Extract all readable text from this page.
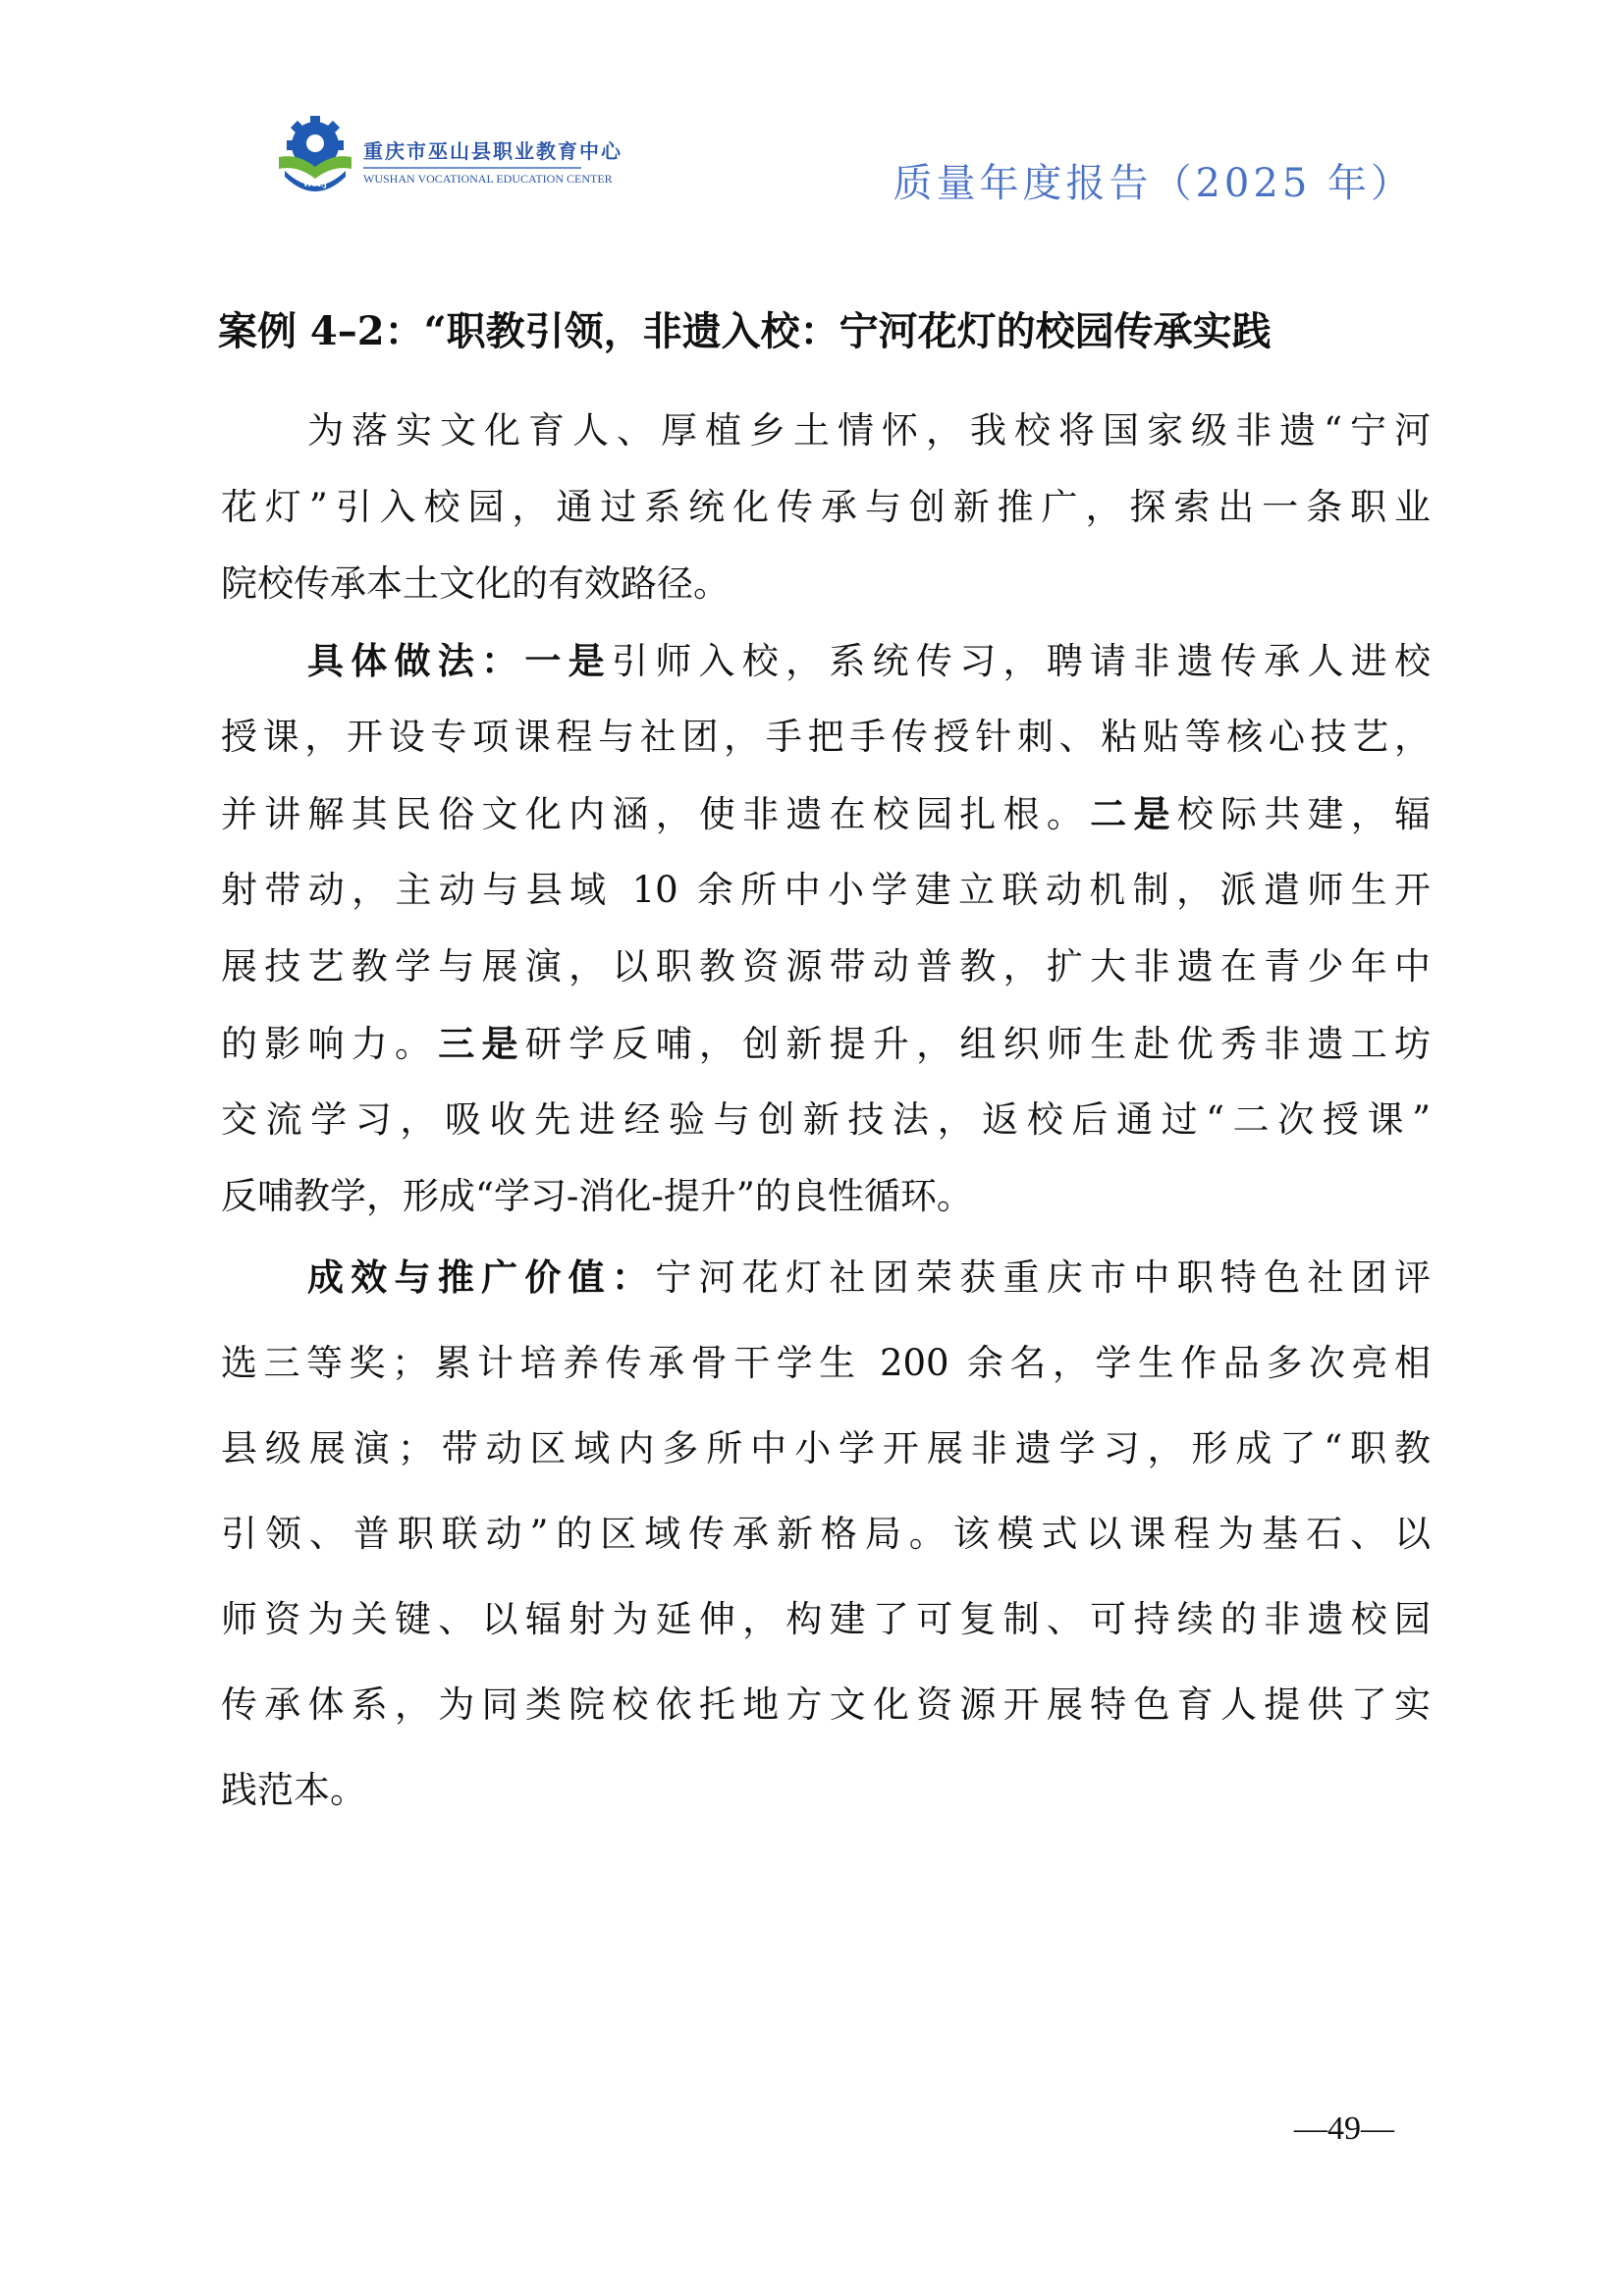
WSZJ
重庆市巫山县职业教育中心
WUSHAN VOCATIONAL EDUCATION CENTER	质量年度报告（2025 年）
案例 4–2：“职教引领，非遗入校：宁河花灯的校园传承实践
为落实文化育人、厚植乡土情怀，我校将国家级非遗“宁河
花灯”引入校园，通过系统化传承与创新推广，探索出一条职业
院校传承本土文化的有效路径。
具体做法：一是引师入校，系统传习，聘请非遗传承人进校
授课，开设专项课程与社团，手把手传授针刺、粘贴等核心技艺，
并讲解其民俗文化内涵，使非遗在校园扎根。二是校际共建，辐
射带动，主动与县域 10 余所中小学建立联动机制，派遣师生开
展技艺教学与展演，以职教资源带动普教，扩大非遗在青少年中
的影响力。三是研学反哺，创新提升，组织师生赴优秀非遗工坊
交流学习，吸收先进经验与创新技法，返校后通过“二次授课”
反哺教学，形成“学习-消化-提升”的良性循环。
成效与推广价值：宁河花灯社团荣获重庆市中职特色社团评
选三等奖；累计培养传承骨干学生 200 余名，学生作品多次亮相
县级展演；带动区域内多所中小学开展非遗学习，形成了“职教
引领、普职联动”的区域传承新格局。该模式以课程为基石、以
师资为关键、以辐射为延伸，构建了可复制、可持续的非遗校园
传承体系，为同类院校依托地方文化资源开展特色育人提供了实
践范本。
—49—
